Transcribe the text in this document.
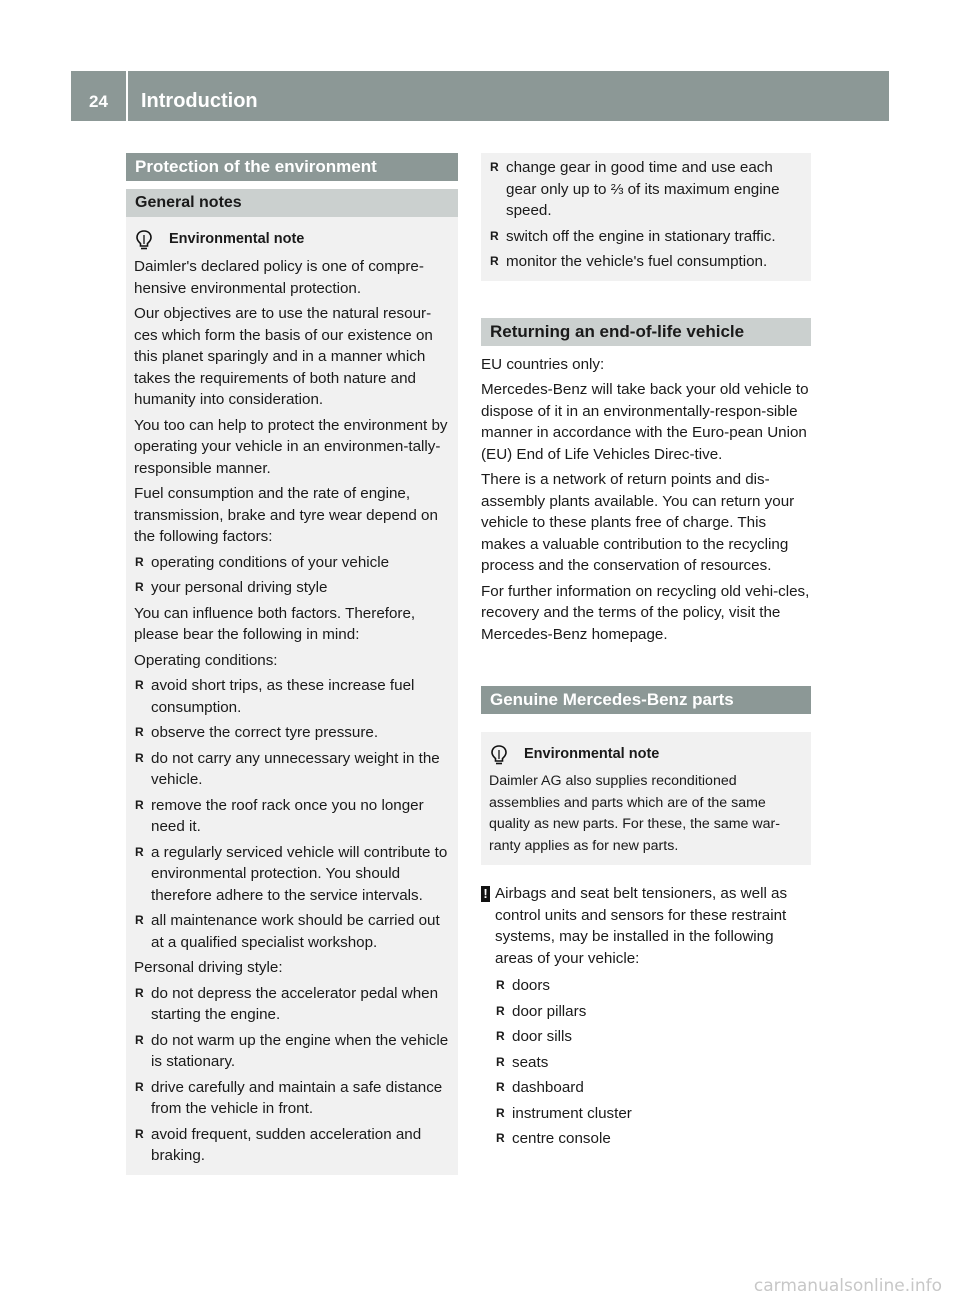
24	Introduction
Protection of the environment
General notes
Environmental note

Daimler's declared policy is one of compre-hensive environmental protection.

Our objectives are to use the natural resour-ces which form the basis of our existence on this planet sparingly and in a manner which takes the requirements of both nature and humanity into consideration.

You too can help to protect the environment by operating your vehicle in an environmen-tally-responsible manner.

Fuel consumption and the rate of engine, transmission, brake and tyre wear depend on the following factors:

R operating conditions of your vehicle
R your personal driving style

You can influence both factors. Therefore, please bear the following in mind:

Operating conditions:

R avoid short trips, as these increase fuel consumption.
R observe the correct tyre pressure.
R do not carry any unnecessary weight in the vehicle.
R remove the roof rack once you no longer need it.
R a regularly serviced vehicle will contribute to environmental protection. You should therefore adhere to the service intervals.
R all maintenance work should be carried out at a qualified specialist workshop.

Personal driving style:

R do not depress the accelerator pedal when starting the engine.
R do not warm up the engine when the vehicle is stationary.
R drive carefully and maintain a safe distance from the vehicle in front.
R avoid frequent, sudden acceleration and braking.
R change gear in good time and use each gear only up to ⅔ of its maximum engine speed.
R switch off the engine in stationary traffic.
R monitor the vehicle's fuel consumption.
Returning an end-of-life vehicle

EU countries only:

Mercedes-Benz will take back your old vehicle to dispose of it in an environmentally-respon-sible manner in accordance with the Euro-pean Union (EU) End of Life Vehicles Direc-tive.

There is a network of return points and dis-assembly plants available. You can return your vehicle to these plants free of charge. This makes a valuable contribution to the recycling process and the conservation of resources.

For further information on recycling old vehi-cles, recovery and the terms of the policy, visit the Mercedes-Benz homepage.

Genuine Mercedes-Benz parts
Environmental note

Daimler AG also supplies reconditioned assemblies and parts which are of the same quality as new parts. For these, the same war-ranty applies as for new parts.

! Airbags and seat belt tensioners, as well as control units and sensors for these restraint systems, may be installed in the following areas of your vehicle:

R doors
R door pillars
R door sills
R seats
R dashboard
R instrument cluster
R centre console
carmanualsonline.info
